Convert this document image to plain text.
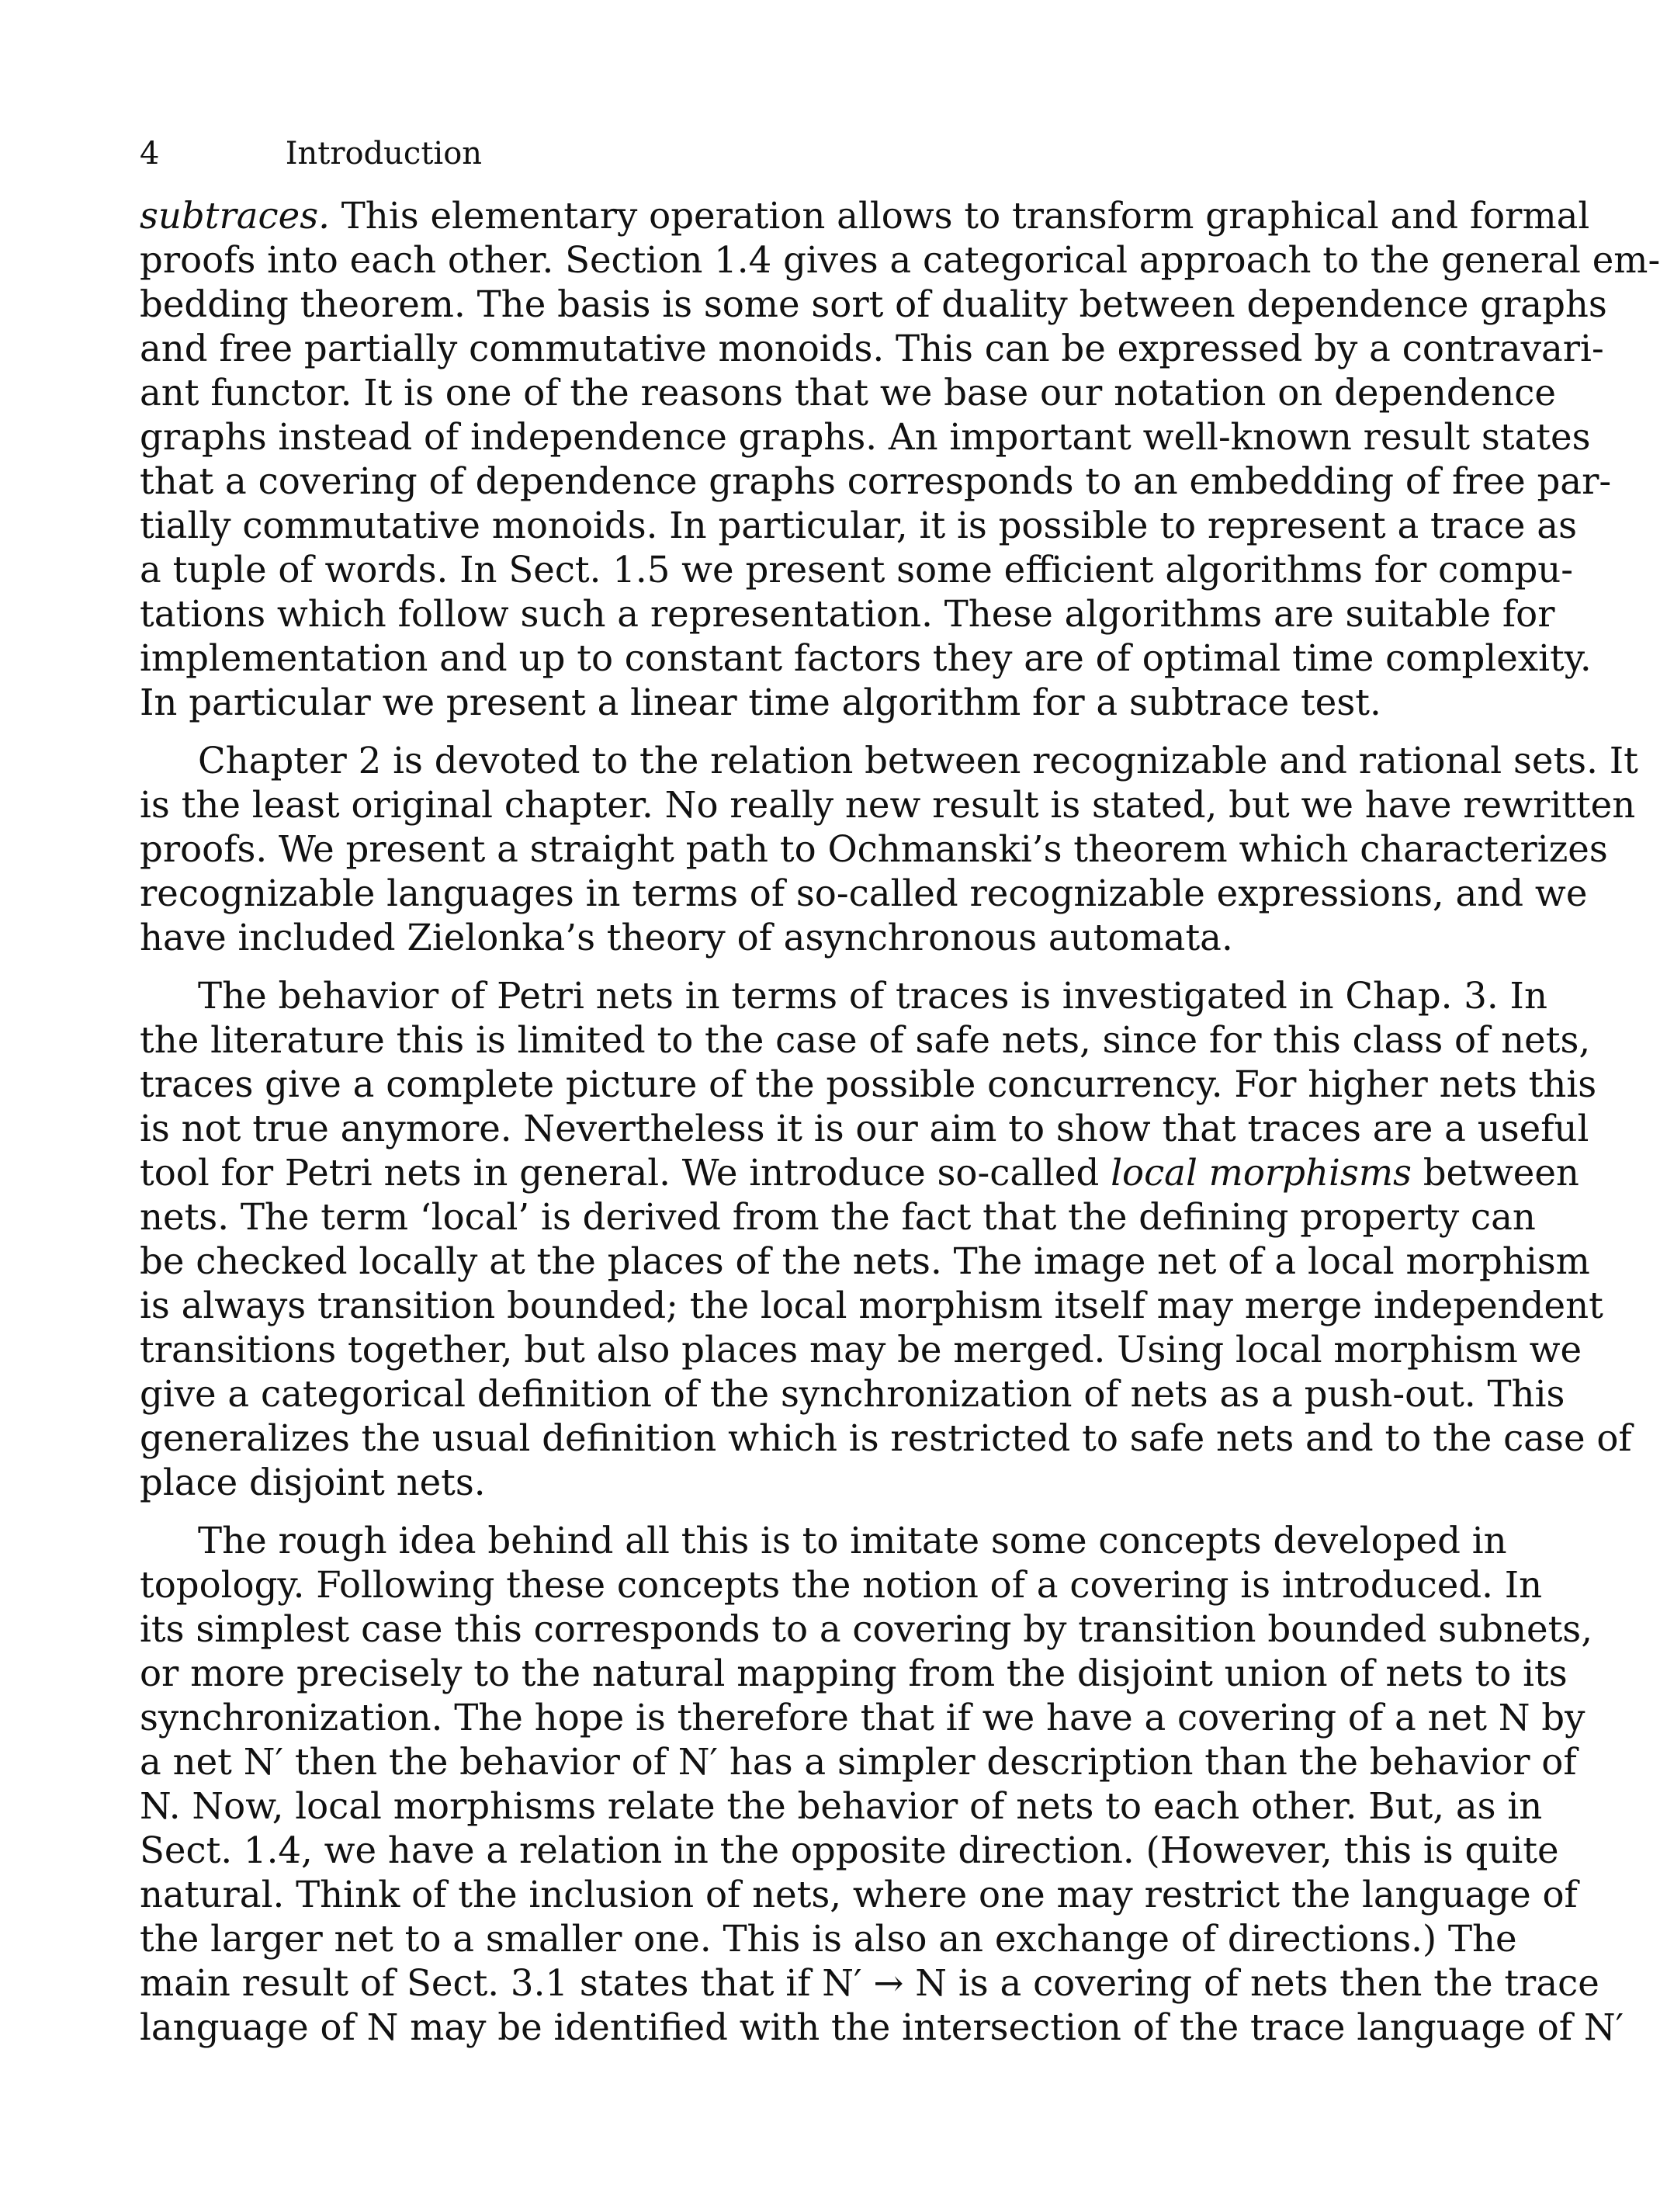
4	Introduction
subtraces. This elementary operation allows to transform graphical and formal
proofs into each other. Section 1.4 gives a categorical approach to the general em-
bedding theorem. The basis is some sort of duality between dependence graphs
and free partially commutative monoids. This can be expressed by a contravari-
ant functor. It is one of the reasons that we base our notation on dependence
graphs instead of independence graphs. An important well-known result states
that a covering of dependence graphs corresponds to an embedding of free par-
tially commutative monoids. In particular, it is possible to represent a trace as
a tuple of words. In Sect. 1.5 we present some efficient algorithms for compu-
tations which follow such a representation. These algorithms are suitable for
implementation and up to constant factors they are of optimal time complexity.
In particular we present a linear time algorithm for a subtrace test.
Chapter 2 is devoted to the relation between recognizable and rational sets. It
is the least original chapter. No really new result is stated, but we have rewritten
proofs. We present a straight path to Ochmanski’s theorem which characterizes
recognizable languages in terms of so-called recognizable expressions, and we
have included Zielonka’s theory of asynchronous automata.
The behavior of Petri nets in terms of traces is investigated in Chap. 3. In
the literature this is limited to the case of safe nets, since for this class of nets,
traces give a complete picture of the possible concurrency. For higher nets this
is not true anymore. Nevertheless it is our aim to show that traces are a useful
tool for Petri nets in general. We introduce so-called local morphisms between
nets. The term ‘local’ is derived from the fact that the defining property can
be checked locally at the places of the nets. The image net of a local morphism
is always transition bounded; the local morphism itself may merge independent
transitions together, but also places may be merged. Using local morphism we
give a categorical definition of the synchronization of nets as a push-out. This
generalizes the usual definition which is restricted to safe nets and to the case of
place disjoint nets.
The rough idea behind all this is to imitate some concepts developed in
topology. Following these concepts the notion of a covering is introduced. In
its simplest case this corresponds to a covering by transition bounded subnets,
or more precisely to the natural mapping from the disjoint union of nets to its
synchronization. The hope is therefore that if we have a covering of a net N by
a net N′ then the behavior of N′ has a simpler description than the behavior of
N. Now, local morphisms relate the behavior of nets to each other. But, as in
Sect. 1.4, we have a relation in the opposite direction. (However, this is quite
natural. Think of the inclusion of nets, where one may restrict the language of
the larger net to a smaller one. This is also an exchange of directions.) The
main result of Sect. 3.1 states that if N′ → N is a covering of nets then the trace
language of N may be identified with the intersection of the trace language of N′
